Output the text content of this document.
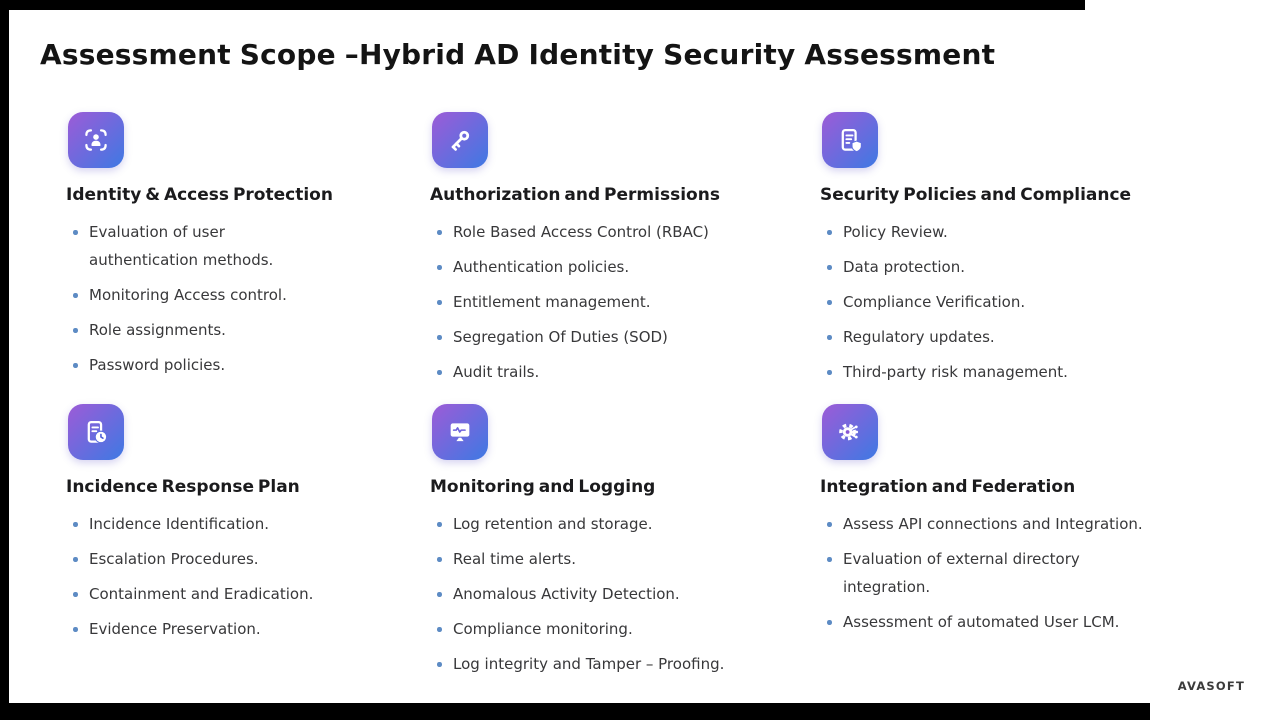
Assessment Scope –Hybrid AD Identity Security Assessment
Identity & Access Protection
Evaluation of user authentication methods.
Monitoring Access control.
Role assignments.
Password policies.
Authorization and Permissions
Role Based Access Control (RBAC)
Authentication policies.
Entitlement management.
Segregation Of Duties (SOD)
Audit trails.
Security Policies and Compliance
Policy Review.
Data protection.
Compliance Verification.
Regulatory updates.
Third-party risk management.
Incidence Response Plan
Incidence Identification.
Escalation Procedures.
Containment and Eradication.
Evidence Preservation.
Monitoring and Logging
Log retention and storage.
Real time alerts.
Anomalous Activity Detection.
Compliance monitoring.
Log integrity and Tamper – Proofing.
Integration and Federation
Assess API connections and Integration.
Evaluation of external directory integration.
Assessment of automated User LCM.
AVASOFT
